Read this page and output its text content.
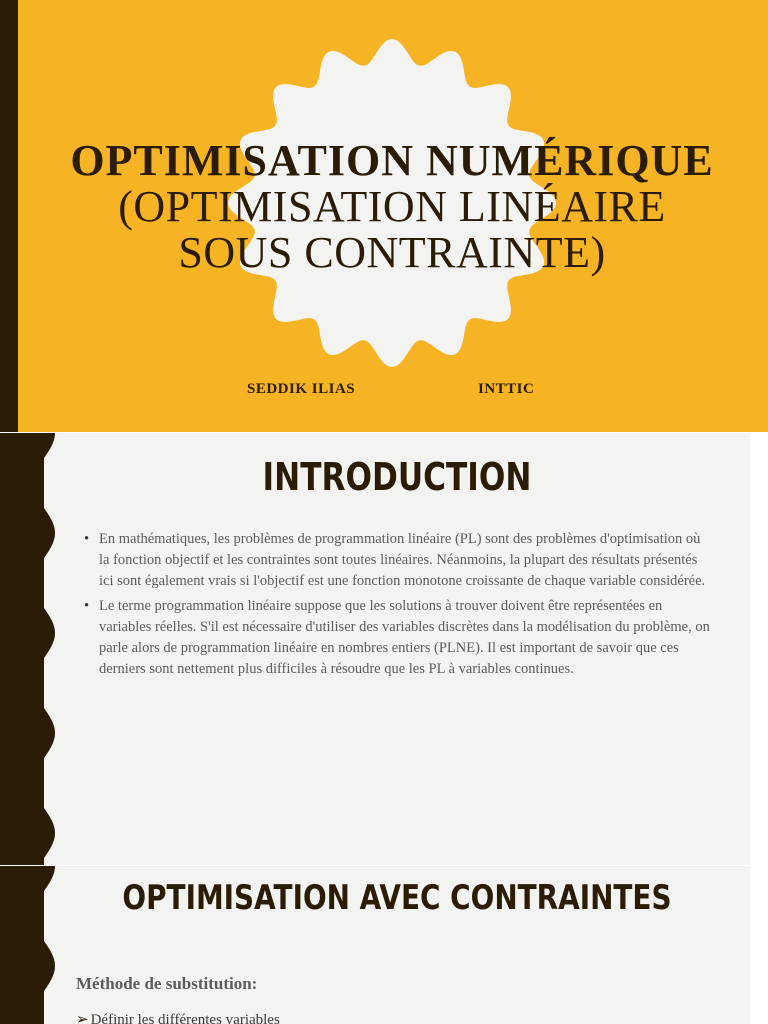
OPTIMISATION NUMÉRIQUE
(OPTIMISATION LINÉAIRE
SOUS CONTRAINTE)
SEDDIK ILIAS	INTTIC
INTRODUCTION
• En mathématiques, les problèmes de programmation linéaire (PL) sont des problèmes d'optimisation où la fonction objectif et les contraintes sont toutes linéaires. Néanmoins, la plupart des résultats présentés ici sont également vrais si l'objectif est une fonction monotone croissante de chaque variable considérée.
• Le terme programmation linéaire suppose que les solutions à trouver doivent être représentées en variables réelles. S'il est nécessaire d'utiliser des variables discrètes dans la modélisation du problème, on parle alors de programmation linéaire en nombres entiers (PLNE). Il est important de savoir que ces derniers sont nettement plus difficiles à résoudre que les PL à variables continues.
OPTIMISATION AVEC CONTRAINTES
Méthode de substitution:
➢ Définir les différentes variables
